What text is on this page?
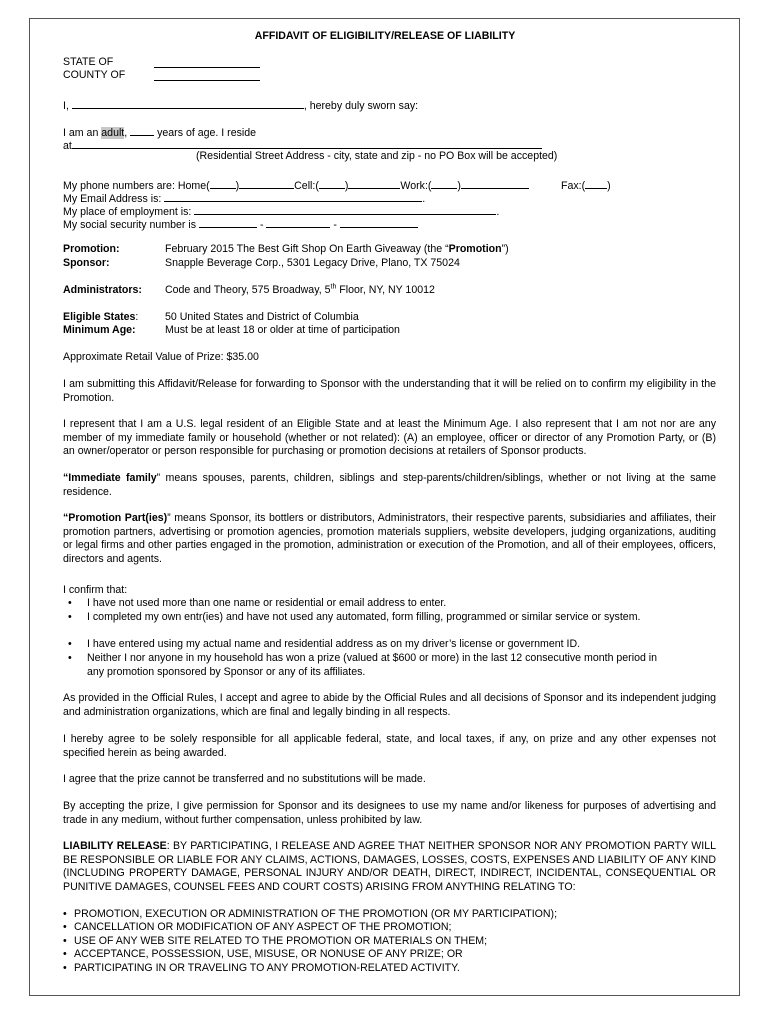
AFFIDAVIT OF ELIGIBILITY/RELEASE OF LIABILITY
STATE OF
COUNTY OF
I,	, hereby duly sworn say:
I am an adult,  years of age. I reside
at
(Residential Street Address - city, state and zip - no PO Box will be accepted)
My phone numbers are: Home( )	Cell:( )	Work:( )	Fax:( )
My Email Address is:	.
My place of employment is:	.
My social security number is	-	-
Promotion:	February 2015 The Best Gift Shop On Earth Giveaway (the “Promotion”)
Sponsor:	Snapple Beverage Corp., 5301 Legacy Drive, Plano, TX 75024
Administrators: Code and Theory, 575 Broadway, 5th Floor, NY, NY 10012
Eligible States:	50 United States and District of Columbia
Minimum Age:	Must be at least 18 or older at time of participation
Approximate Retail Value of Prize: $35.00
I am submitting this Affidavit/Release for forwarding to Sponsor with the understanding that it will be relied on to confirm my eligibility in the Promotion.
I represent that I am a U.S. legal resident of an Eligible State and at least the Minimum Age. I also represent that I am not nor are any member of my immediate family or household (whether or not related): (A) an employee, officer or director of any Promotion Party, or (B) an owner/operator or person responsible for purchasing or promotion decisions at retailers of Sponsor products.
“Immediate family” means spouses, parents, children, siblings and step-parents/children/siblings, whether or not living at the same residence.
“Promotion Part(ies)” means Sponsor, its bottlers or distributors, Administrators, their respective parents, subsidiaries and affiliates, their promotion partners, advertising or promotion agencies, promotion materials suppliers, website developers, judging organizations, auditing or legal firms and other parties engaged in the promotion, administration or execution of the Promotion, and all of their employees, officers, directors and agents.
I confirm that:
• I have not used more than one name or residential or email address to enter.
• I completed my own entr(ies) and have not used any automated, form filling, programmed or similar service or system.
• I have entered using my actual name and residential address as on my driver’s license or government ID.
• Neither I nor anyone in my household has won a prize (valued at $600 or more) in the last 12 consecutive month period in any promotion sponsored by Sponsor or any of its affiliates.
As provided in the Official Rules, I accept and agree to abide by the Official Rules and all decisions of Sponsor and its independent judging and administration organizations, which are final and legally binding in all respects.
I hereby agree to be solely responsible for all applicable federal, state, and local taxes, if any, on prize and any other expenses not specified herein as being awarded.
I agree that the prize cannot be transferred and no substitutions will be made.
By accepting the prize, I give permission for Sponsor and its designees to use my name and/or likeness for purposes of advertising and trade in any medium, without further compensation, unless prohibited by law.
LIABILITY RELEASE: BY PARTICIPATING, I RELEASE AND AGREE THAT NEITHER SPONSOR NOR ANY PROMOTION PARTY WILL BE RESPONSIBLE OR LIABLE FOR ANY CLAIMS, ACTIONS, DAMAGES, LOSSES, COSTS, EXPENSES AND LIABILITY OF ANY KIND (INCLUDING PROPERTY DAMAGE, PERSONAL INJURY AND/OR DEATH, DIRECT, INDIRECT, INCIDENTAL, CONSEQUENTIAL OR PUNITIVE DAMAGES, COUNSEL FEES AND COURT COSTS) ARISING FROM ANYTHING RELATING TO:
• PROMOTION, EXECUTION OR ADMINISTRATION OF THE PROMOTION (OR MY PARTICIPATION);
• CANCELLATION OR MODIFICATION OF ANY ASPECT OF THE PROMOTION;
• USE OF ANY WEB SITE RELATED TO THE PROMOTION OR MATERIALS ON THEM;
• ACCEPTANCE, POSSESSION, USE, MISUSE, OR NONUSE OF ANY PRIZE; OR
• PARTICIPATING IN OR TRAVELING TO ANY PROMOTION-RELATED ACTIVITY.
